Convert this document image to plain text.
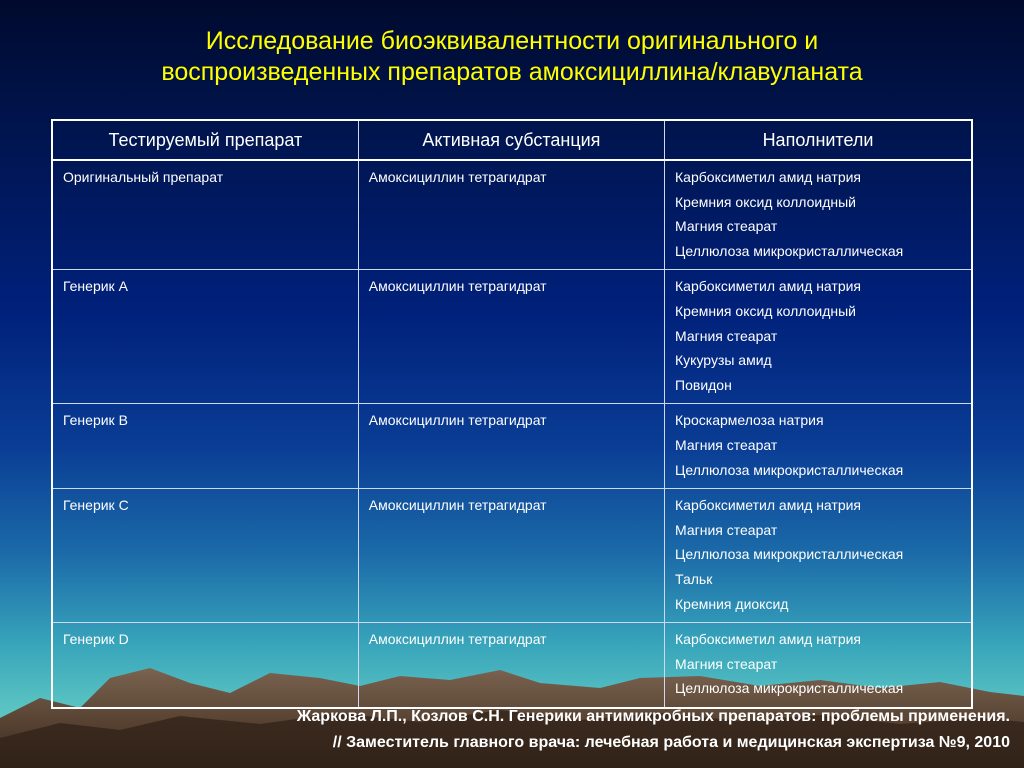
Исследование биоэквивалентности оригинального и
воспроизведенных препаратов амоксициллина/клавуланата
Тестируемый препарат	Активная субстанция	Наполнители
Оригинальный препарат	Амоксициллин тетрагидрат	Карбоксиметил амид натрия
Кремния оксид коллоидный
Магния стеарат
Целлюлоза микрокристаллическая

Генерик А	Амоксициллин тетрагидрат	Карбоксиметил амид натрия
Кремния оксид коллоидный
Магния стеарат
Кукурузы амид
Повидон

Генерик В	Амоксициллин тетрагидрат	Кроскармелоза натрия
Магния стеарат
Целлюлоза микрокристаллическая

Генерик С	Амоксициллин тетрагидрат	Карбоксиметил амид натрия
Магния стеарат
Целлюлоза микрокристаллическая
Тальк
Кремния диоксид

Генерик D	Амоксициллин тетрагидрат	Карбоксиметил амид натрия
Магния стеарат
Целлюлоза микрокристаллическая
Жаркова Л.П., Козлов С.Н. Генерики антимикробных препаратов: проблемы применения.
// Заместитель главного врача: лечебная работа и медицинская экспертиза №9, 2010
